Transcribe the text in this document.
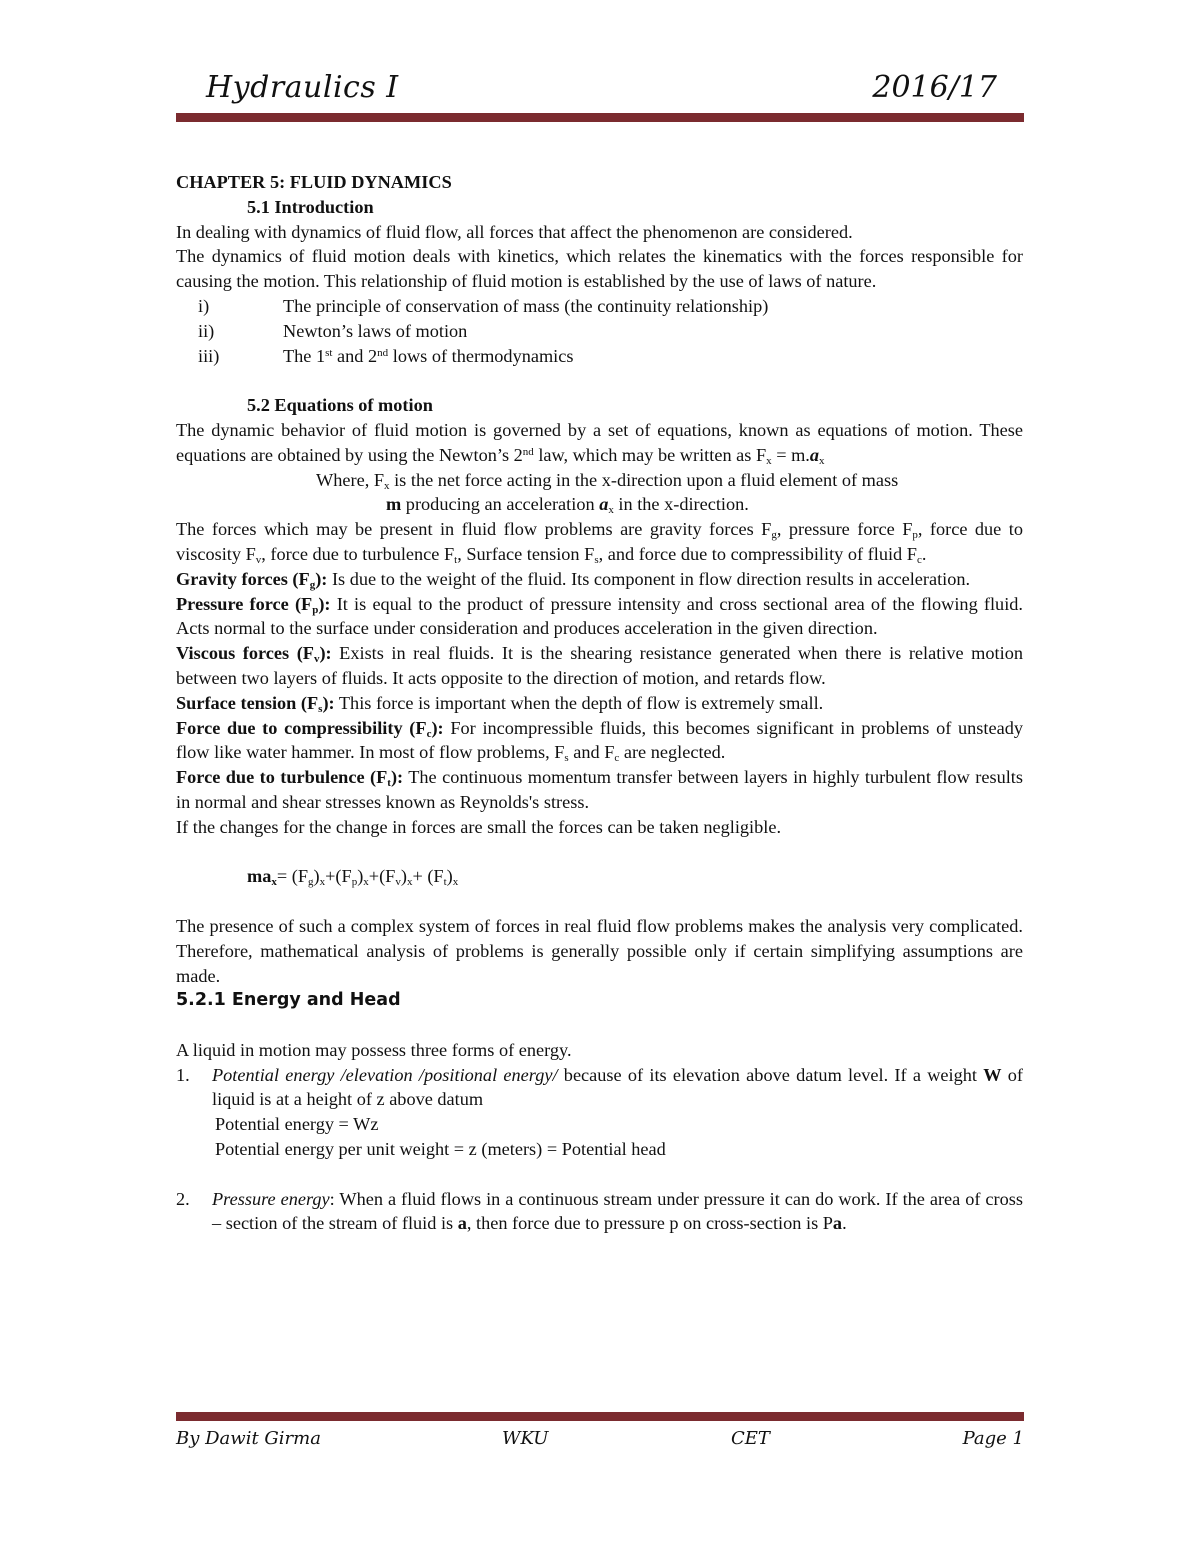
Hydraulics I	2016/17

CHAPTER 5: FLUID DYNAMICS

5.1 Introduction

In dealing with dynamics of fluid flow, all forces that affect the phenomenon are considered.

The dynamics of fluid motion deals with kinetics, which relates the kinematics with the forces responsible for causing the motion. This relationship of fluid motion is established by the use of laws of nature.

i)	The principle of conservation of mass (the continuity relationship)
ii)	Newton’s laws of motion
iii)	The 1st and 2nd lows of thermodynamics

5.2 Equations of motion

The dynamic behavior of fluid motion is governed by a set of equations, known as equations of motion. These equations are obtained by using the Newton’s 2nd law, which may be written as $F_x = m.a_x$

Where, $F_x$ is the net force acting in the x-direction upon a fluid element of mass

m producing an acceleration $a_x$ in the x-direction.

The forces which may be present in fluid flow problems are gravity forces $F_g$, pressure force $F_p$, force due to viscosity $F_v$, force due to turbulence $F_t$, Surface tension $F_s$, and force due to compressibility of fluid $F_c$.

Gravity forces $(F_g)$: Is due to the weight of the fluid. Its component in flow direction results in acceleration.

Pressure force $(F_p)$: It is equal to the product of pressure intensity and cross sectional area of the flowing fluid. Acts normal to the surface under consideration and produces acceleration in the given direction.

Viscous forces $(F_v)$: Exists in real fluids. It is the shearing resistance generated when there is relative motion between two layers of fluids. It acts opposite to the direction of motion, and retards flow.

Surface tension $(F_s)$: This force is important when the depth of flow is extremely small.

Force due to compressibility $(F_c)$: For incompressible fluids, this becomes significant in problems of unsteady flow like water hammer. In most of flow problems, $F_s$ and $F_c$ are neglected.

Force due to turbulence $(F_t)$: The continuous momentum transfer between layers in highly turbulent flow results in normal and shear stresses known as Reynolds's stress.

If the changes for the change in forces are small the forces can be taken negligible.

$ma_x= (F_g)_x+(F_p)_x+(F_v)_x+ (F_t)_x$

The presence of such a complex system of forces in real fluid flow problems makes the analysis very complicated. Therefore, mathematical analysis of problems is generally possible only if certain simplifying assumptions are made.

5.2.1 Energy and Head

A liquid in motion may possess three forms of energy.

1.	Potential energy /elevation /positional energy/ because of its elevation above datum level. If a weight W of liquid is at a height of z above datum

Potential energy = Wz

Potential energy per unit weight = z (meters) = Potential head

2.	Pressure energy: When a fluid flows in a continuous stream under pressure it can do work. If the area of cross – section of the stream of fluid is a, then force due to pressure p on cross-section is Pa.
By Dawit Girma	WKU	CET	Page 1
